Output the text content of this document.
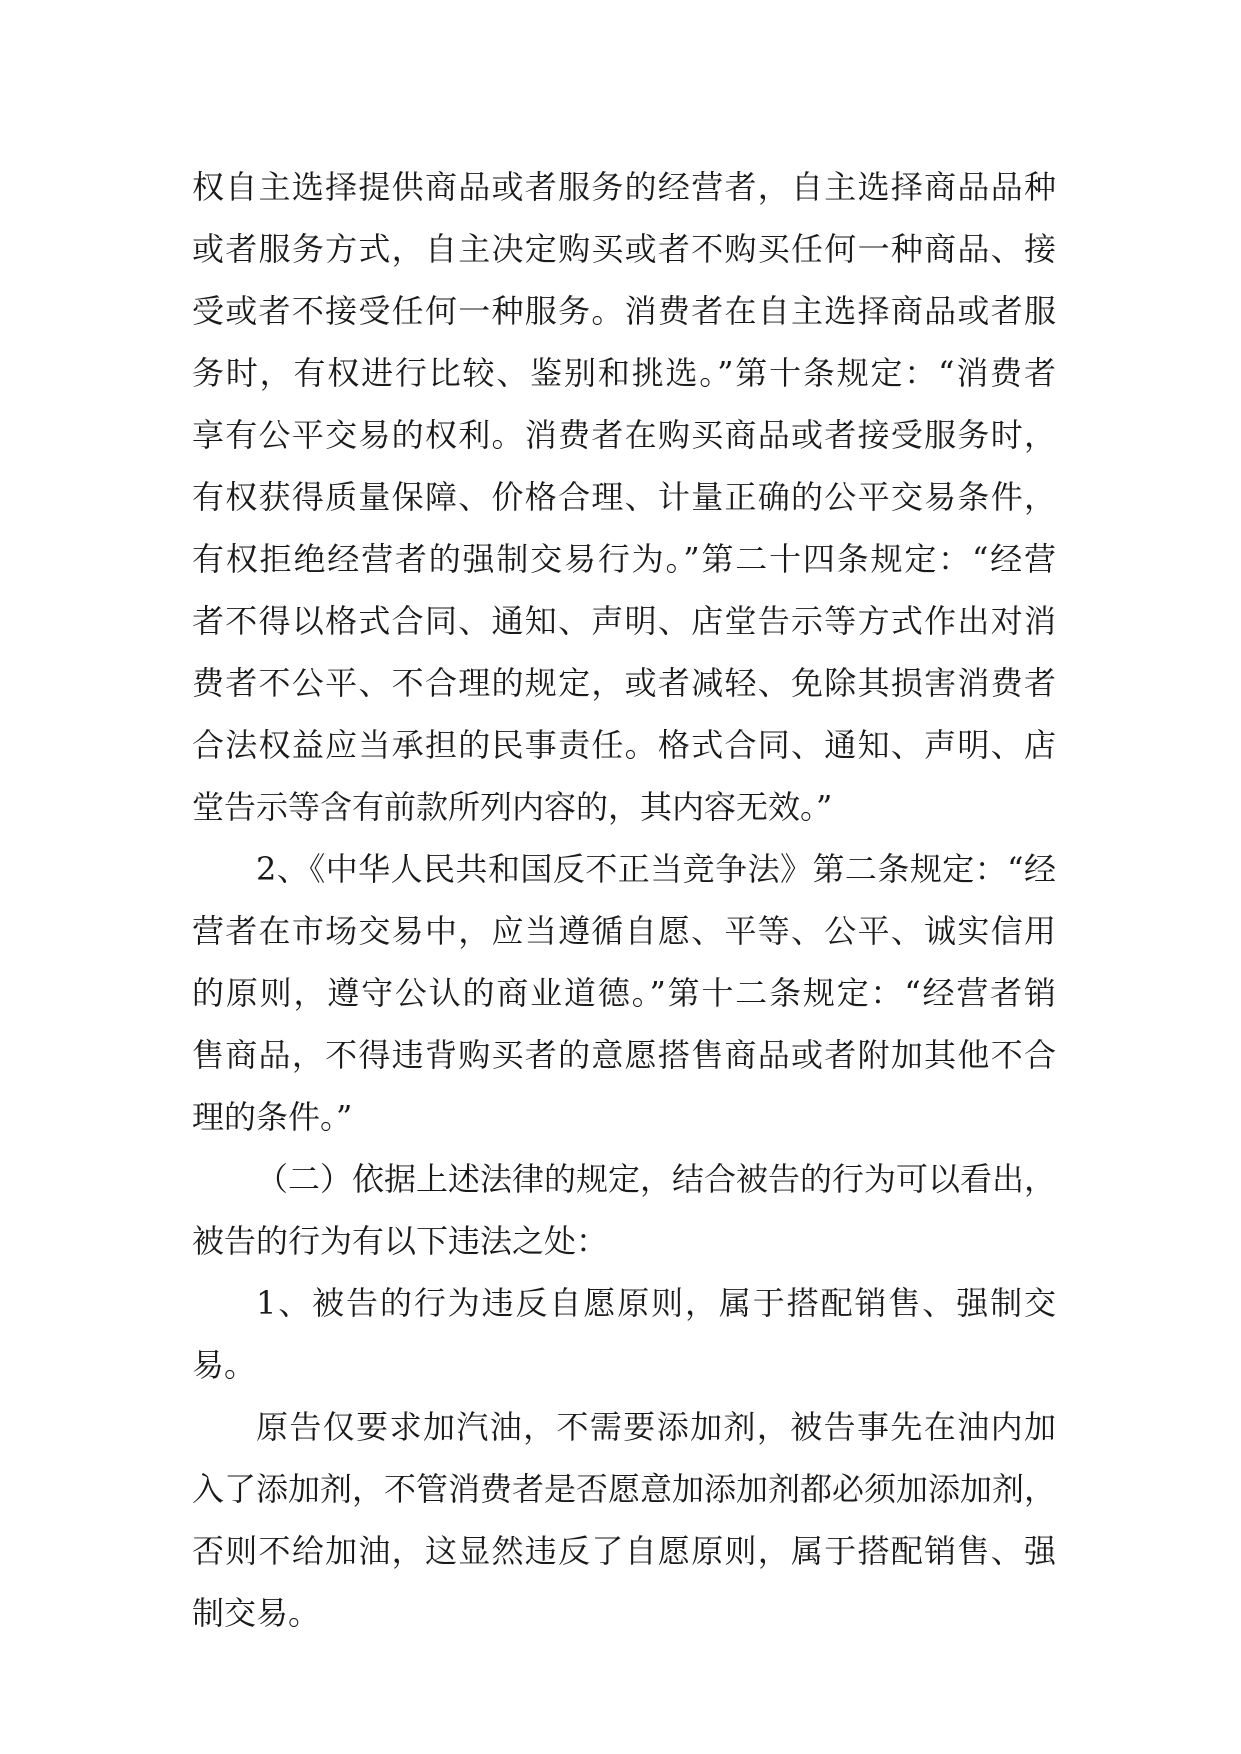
权自主选择提供商品或者服务的经营者，自主选择商品品种
或者服务方式，自主决定购买或者不购买任何一种商品、接
受或者不接受任何一种服务。消费者在自主选择商品或者服
务时，有权进行比较、鉴别和挑选。”第十条规定：“消费者
享有公平交易的权利。消费者在购买商品或者接受服务时，
有权获得质量保障、价格合理、计量正确的公平交易条件，
有权拒绝经营者的强制交易行为。”第二十四条规定：“经营
者不得以格式合同、通知、声明、店堂告示等方式作出对消
费者不公平、不合理的规定，或者减轻、免除其损害消费者
合法权益应当承担的民事责任。格式合同、通知、声明、店
堂告示等含有前款所列内容的，其内容无效。”
2、《中华人民共和国反不正当竞争法》第二条规定：“经
营者在市场交易中，应当遵循自愿、平等、公平、诚实信用
的原则，遵守公认的商业道德。”第十二条规定：“经营者销
售商品，不得违背购买者的意愿搭售商品或者附加其他不合
理的条件。”
（二）依据上述法律的规定，结合被告的行为可以看出，
被告的行为有以下违法之处：
1、被告的行为违反自愿原则，属于搭配销售、强制交
易。
原告仅要求加汽油，不需要添加剂，被告事先在油内加
入了添加剂，不管消费者是否愿意加添加剂都必须加添加剂，
否则不给加油，这显然违反了自愿原则，属于搭配销售、强
制交易。
